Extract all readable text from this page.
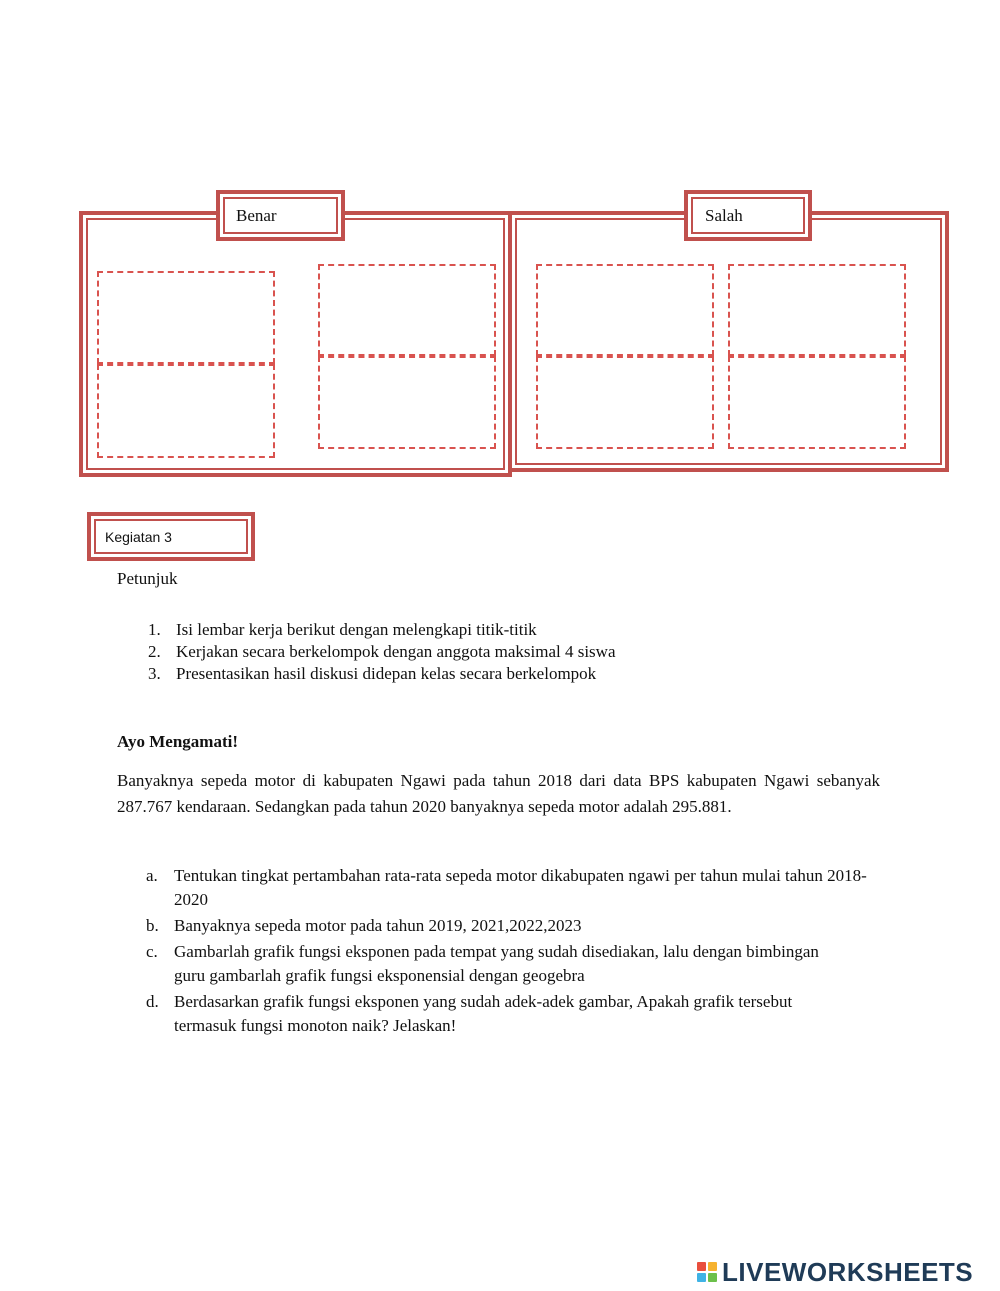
Benar	Salah
Kegiatan 3
Petunjuk
1. Isi lembar kerja berikut dengan melengkapi titik-titik
2. Kerjakan secara berkelompok dengan anggota maksimal 4 siswa
3. Presentasikan hasil diskusi didepan kelas secara berkelompok
Ayo Mengamati!
Banyaknya sepeda motor di kabupaten Ngawi pada tahun 2018 dari data BPS kabupaten Ngawi sebanyak 287.767 kendaraan. Sedangkan pada tahun 2020 banyaknya sepeda motor adalah 295.881.
a. Tentukan tingkat pertambahan rata-rata sepeda motor dikabupaten ngawi per tahun mulai tahun 2018-2020
b. Banyaknya sepeda motor pada tahun 2019, 2021,2022,2023
c. Gambarlah grafik fungsi eksponen pada tempat yang sudah disediakan, lalu dengan bimbingan guru gambarlah grafik fungsi eksponensial dengan geogebra
d. Berdasarkan grafik fungsi eksponen yang sudah adek-adek gambar, Apakah grafik tersebut termasuk fungsi monoton naik? Jelaskan!
LIVEWORKSHEETS
